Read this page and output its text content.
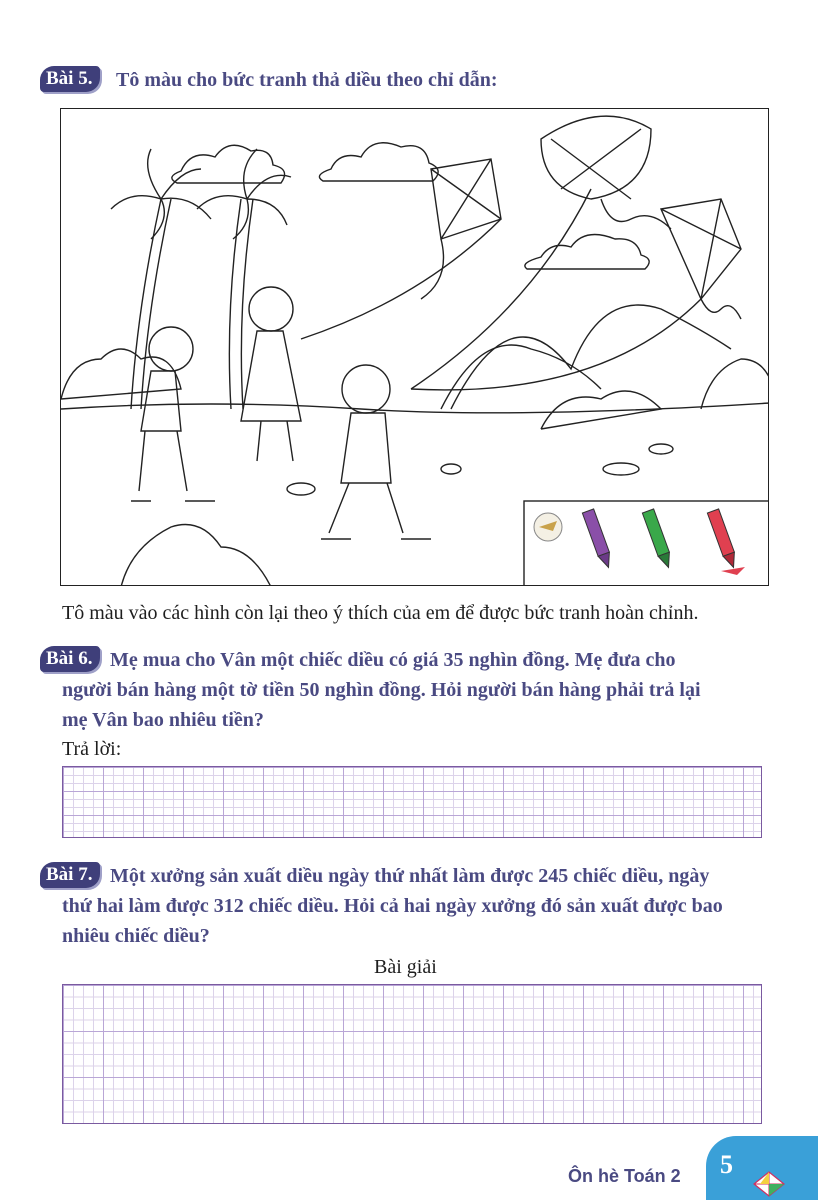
Bài 5.	Tô màu cho bức tranh thả diều theo chỉ dẫn:
Tô màu vào các hình còn lại theo ý thích của em để được bức tranh hoàn chỉnh.
Bài 6. Mẹ mua cho Vân một chiếc diều có giá 35 nghìn đồng. Mẹ đưa cho
người bán hàng một tờ tiền 50 nghìn đồng. Hỏi người bán hàng phải trả lại
mẹ Vân bao nhiêu tiền?
Trả lời:
Bài 7. Một xưởng sản xuất diều ngày thứ nhất làm được 245 chiếc diều, ngày
thứ hai làm được 312 chiếc diều. Hỏi cả hai ngày xưởng đó sản xuất được bao
nhiêu chiếc diều?
Bài giải
Ôn hè Toán 2 5
